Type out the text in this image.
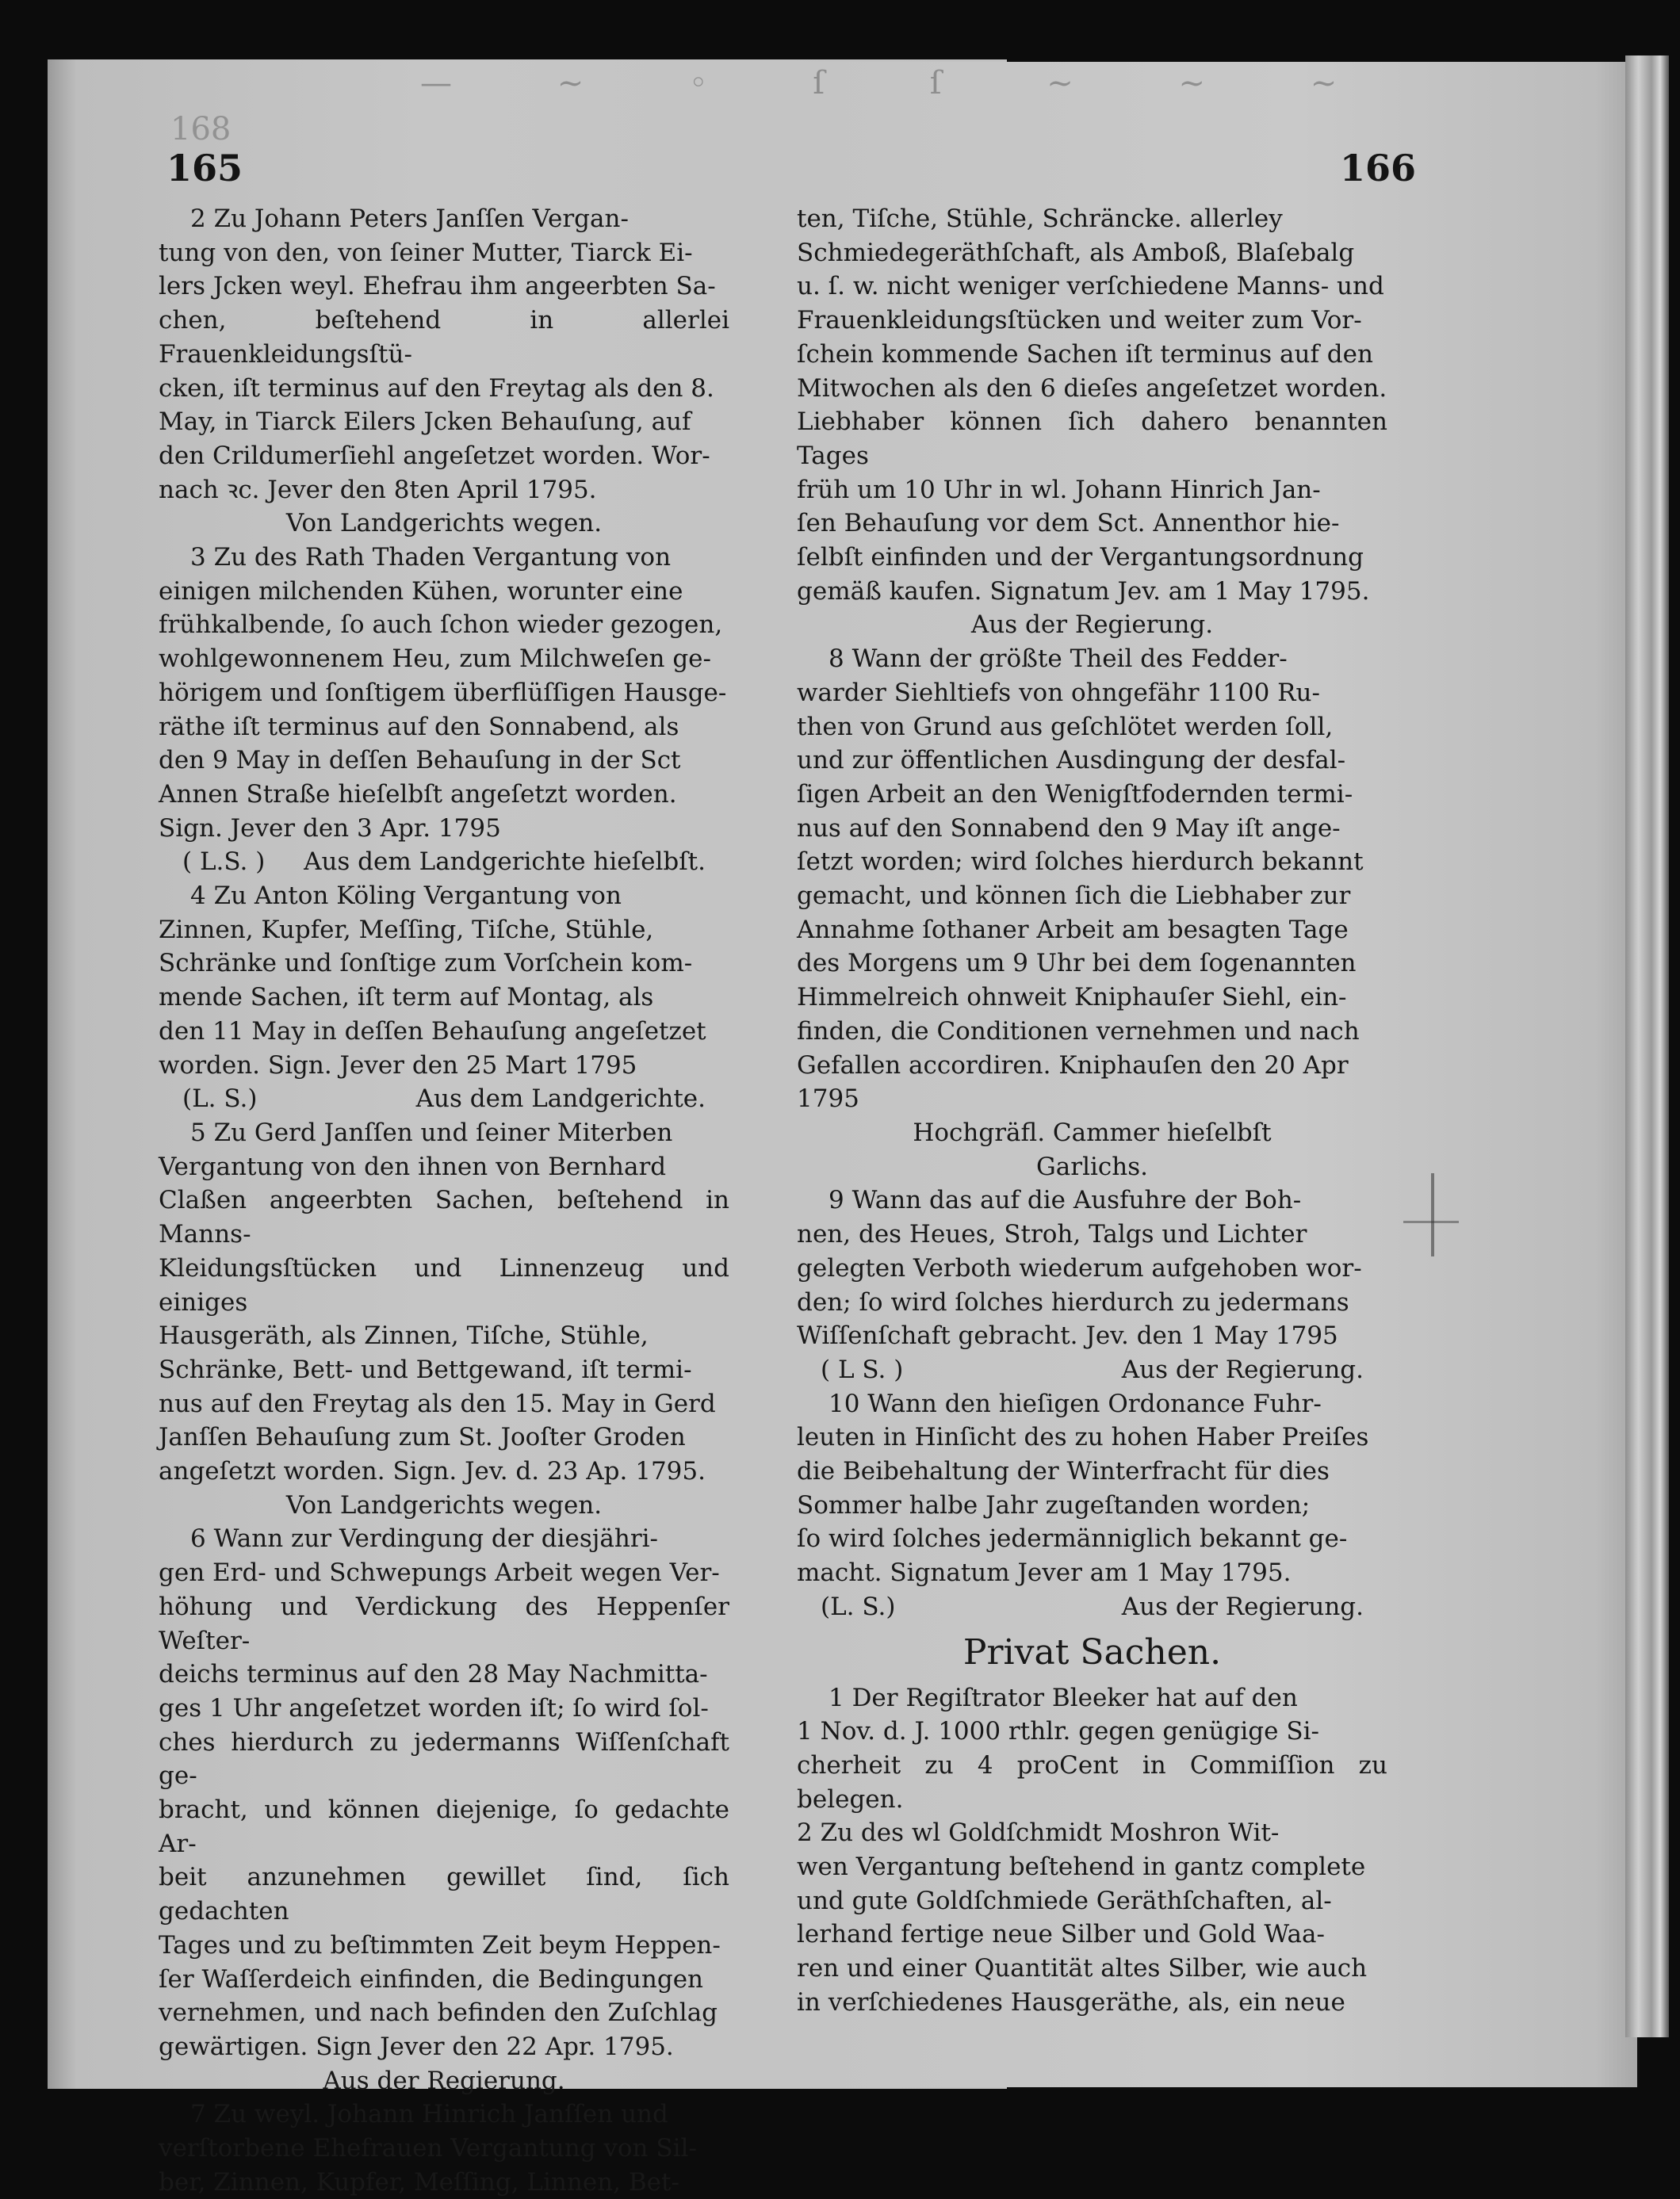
— ~ ◦ ſ ſ ~ ~ ~
168
165	166
2 Zu Johann Peters Janſſen Vergan-
tung von den, von ſeiner Mutter, Tiarck Ei-
lers Jcken weyl. Ehefrau ihm angeerbten Sa-
chen, beſtehend in allerlei Frauenkleidungsſtü-
cken, iſt terminus auf den Freytag als den 8.
May, in Tiarck Eilers Jcken Behauſung, auf
den Crildumerſiehl angeſetzet worden. Wor-
nach ꝛc. Jever den 8ten April 1795.
Von Landgerichts wegen.
3 Zu des Rath Thaden Vergantung von
einigen milchenden Kühen, worunter eine
frühkalbende, ſo auch ſchon wieder gezogen,
wohlgewonnenem Heu, zum Milchweſen ge-
hörigem und ſonſtigem überflüſſigen Hausge-
räthe iſt terminus auf den Sonnabend, als
den 9 May in deſſen Behauſung in der Sct
Annen Straße hieſelbſt angeſetzt worden.
Sign. Jever den 3 Apr. 1795
( L.S. ) Aus dem Landgerichte hieſelbſt.
4 Zu Anton Köling Vergantung von
Zinnen, Kupfer, Meſſing, Tiſche, Stühle,
Schränke und ſonſtige zum Vorſchein kom-
mende Sachen, iſt term auf Montag, als
den 11 May in deſſen Behauſung angeſetzet
worden. Sign. Jever den 25 Mart 1795
(L. S.)	Aus dem Landgerichte.
5 Zu Gerd Janſſen und ſeiner Miterben
Vergantung von den ihnen von Bernhard
Claßen angeerbten Sachen, beſtehend in Manns-
Kleidungsſtücken und Linnenzeug und einiges
Hausgeräth, als Zinnen, Tiſche, Stühle,
Schränke, Bett- und Bettgewand, iſt termi-
nus auf den Freytag als den 15. May in Gerd
Janſſen Behauſung zum St. Jooſter Groden
angeſetzt worden. Sign. Jev. d. 23 Ap. 1795.
Von Landgerichts wegen.
6 Wann zur Verdingung der diesjähri-
gen Erd- und Schwepungs Arbeit wegen Ver-
höhung und Verdickung des Heppenſer Weſter-
deichs terminus auf den 28 May Nachmitta-
ges 1 Uhr angeſetzet worden iſt; ſo wird ſol-
ches hierdurch zu jedermanns Wiſſenſchaft ge-
bracht, und können diejenige, ſo gedachte Ar-
beit anzunehmen gewillet ſind, ſich gedachten
Tages und zu beſtimmten Zeit beym Heppen-
ſer Waſſerdeich einfinden, die Bedingungen
vernehmen, und nach befinden den Zuſchlag
gewärtigen. Sign Jever den 22 Apr. 1795.
Aus der Regierung.
7 Zu weyl. Johann Hinrich Janſſen und
verſtorbene Ehefrauen Vergantung von Sil-
ber, Zinnen, Kupfer, Meſſing, Linnen, Bet-
ten, Tiſche, Stühle, Schräncke. allerley
Schmiedegeräthſchaft, als Amboß, Blaſebalg
u. ſ. w. nicht weniger verſchiedene Manns- und
Frauenkleidungsſtücken und weiter zum Vor-
ſchein kommende Sachen iſt terminus auf den
Mitwochen als den 6 dieſes angeſetzet worden.
Liebhaber können ſich dahero benannten Tages
früh um 10 Uhr in wl. Johann Hinrich Jan-
ſen Behauſung vor dem Sct. Annenthor hie-
ſelbſt einfinden und der Vergantungsordnung
gemäß kaufen. Signatum Jev. am 1 May 1795.
Aus der Regierung.
8 Wann der größte Theil des Fedder-
warder Siehltiefs von ohngefähr 1100 Ru-
then von Grund aus geſchlötet werden ſoll,
und zur öffentlichen Ausdingung der desfal-
ſigen Arbeit an den Wenigſtfodernden termi-
nus auf den Sonnabend den 9 May iſt ange-
ſetzt worden; wird ſolches hierdurch bekannt
gemacht, und können ſich die Liebhaber zur
Annahme ſothaner Arbeit am besagten Tage
des Morgens um 9 Uhr bei dem ſogenannten
Himmelreich ohnweit Kniphauſer Siehl, ein-
finden, die Conditionen vernehmen und nach
Gefallen accordiren. Kniphauſen den 20 Apr
1795
Hochgräfl. Cammer hieſelbſt
Garlichs.
9 Wann das auf die Ausfuhre der Boh-
nen, des Heues, Stroh, Talgs und Lichter
gelegten Verboth wiederum aufgehoben wor-
den; ſo wird ſolches hierdurch zu jedermans
Wiſſenſchaft gebracht. Jev. den 1 May 1795
( L S. )	Aus der Regierung.
10 Wann den hieſigen Ordonance Fuhr-
leuten in Hinſicht des zu hohen Haber Preiſes
die Beibehaltung der Winterfracht für dies
Sommer halbe Jahr zugeſtanden worden;
ſo wird ſolches jedermänniglich bekannt ge-
macht. Signatum Jever am 1 May 1795.
(L. S.)	Aus der Regierung.
Privat Sachen.
1 Der Regiſtrator Bleeker hat auf den
1 Nov. d. J. 1000 rthlr. gegen genügige Si-
cherheit zu 4 proCent in Commiſſion zu belegen.
2 Zu des wl Goldſchmidt Moshron Wit-
wen Vergantung beſtehend in gantz complete
und gute Goldſchmiede Geräthſchaften, al-
lerhand fertige neue Silber und Gold Waa-
ren und einer Quantität altes Silber, wie auch
in verſchiedenes Hausgeräthe, als, ein neue
